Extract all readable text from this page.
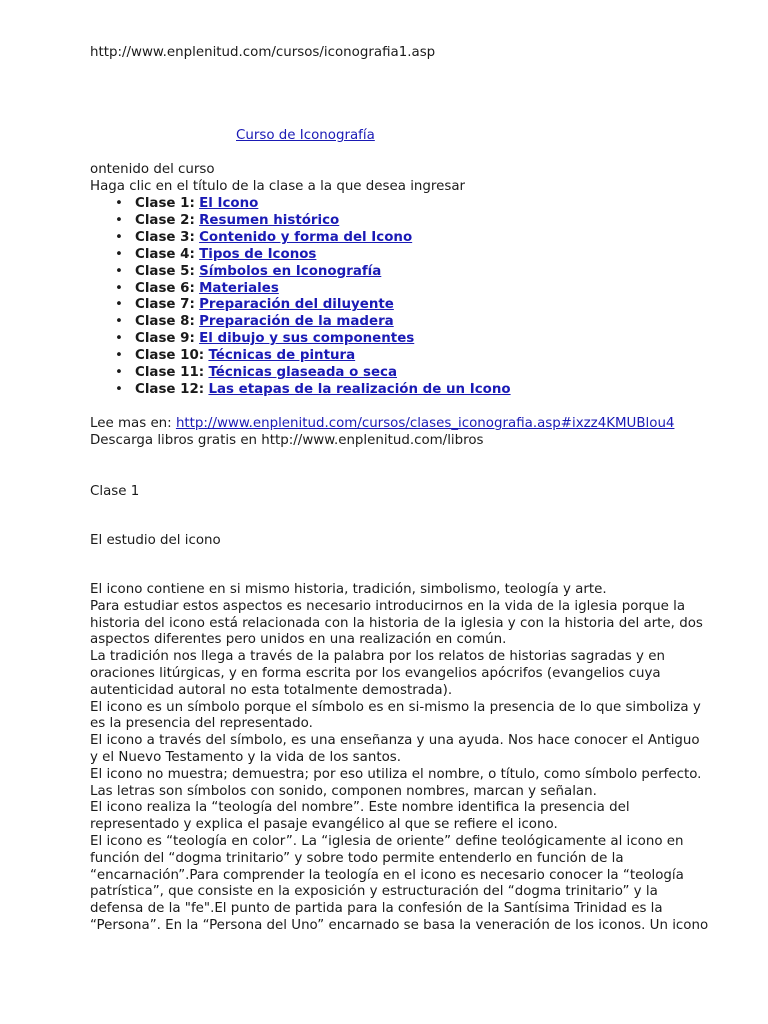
http://www.enplenitud.com/cursos/iconografia1.asp
Curso de Iconografía
ontenido del curso
Haga clic en el título de la clase a la que desea ingresar
• Clase 1: El Icono
• Clase 2: Resumen histórico
• Clase 3: Contenido y forma del Icono
• Clase 4: Tipos de Iconos
• Clase 5: Símbolos en Iconografía
• Clase 6: Materiales
• Clase 7: Preparación del diluyente
• Clase 8: Preparación de la madera
• Clase 9: El dibujo y sus componentes
• Clase 10: Técnicas de pintura
• Clase 11: Técnicas glaseada o seca
• Clase 12: Las etapas de la realización de un Icono
Lee mas en: http://www.enplenitud.com/cursos/clases_iconografia.asp#ixzz4KMUBlou4
Descarga libros gratis en http://www.enplenitud.com/libros
Clase 1
El estudio del icono
El icono contiene en si mismo historia, tradición, simbolismo, teología y arte.
Para estudiar estos aspectos es necesario introducirnos en la vida de la iglesia porque la
historia del icono está relacionada con la historia de la iglesia y con la historia del arte, dos
aspectos diferentes pero unidos en una realización en común.
La tradición nos llega a través de la palabra por los relatos de historias sagradas y en
oraciones litúrgicas, y en forma escrita por los evangelios apócrifos (evangelios cuya
autenticidad autoral no esta totalmente demostrada).
El icono es un símbolo porque el símbolo es en si-mismo la presencia de lo que simboliza y
es la presencia del representado.
El icono a través del símbolo, es una enseñanza y una ayuda. Nos hace conocer el Antiguo
y el Nuevo Testamento y la vida de los santos.
El icono no muestra; demuestra; por eso utiliza el nombre, o título, como símbolo perfecto.
Las letras son símbolos con sonido, componen nombres, marcan y señalan.
El icono realiza la “teología del nombre”. Este nombre identifica la presencia del
representado y explica el pasaje evangélico al que se refiere el icono.
El icono es “teología en color”. La “iglesia de oriente” define teológicamente al icono en
función del “dogma trinitario” y sobre todo permite entenderlo en función de la
“encarnación”.Para comprender la teología en el icono es necesario conocer la “teología
patrística”, que consiste en la exposición y estructuración del “dogma trinitario” y la
defensa de la "fe".El punto de partida para la confesión de la Santísima Trinidad es la
“Persona”. En la “Persona del Uno” encarnado se basa la veneración de los iconos. Un icono
